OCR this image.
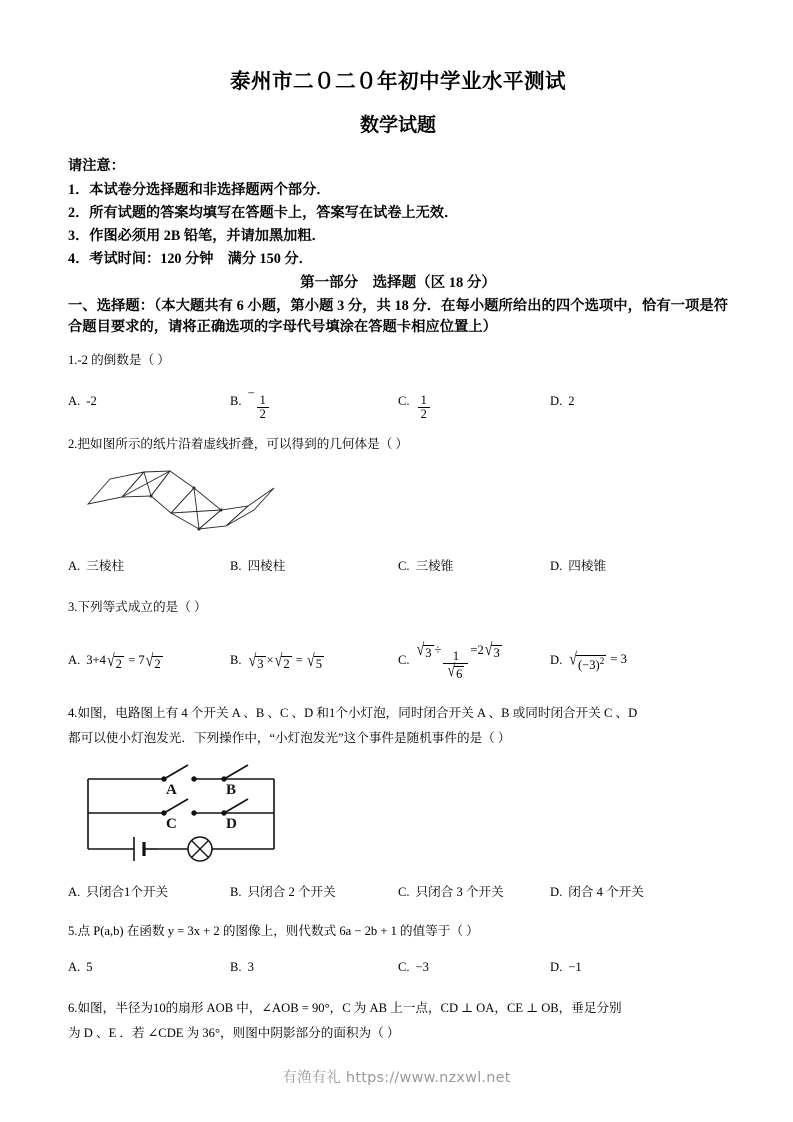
泰州市二０二０年初中学业水平测试
数学试题
请注意：
1．本试卷分选择题和非选择题两个部分．
2．所有试题的答案均填写在答题卡上，答案写在试卷上无效．
3．作图必须用 2B 铅笔，并请加黑加粗．
4．考试时间：120 分钟　满分 150 分．
第一部分　选择题（区 18 分）
一、选择题：（本大题共有 6 小题，第小题 3 分，共 18 分．在每小题所给出的四个选项中，恰有一项是符合题目要求的，请将正确选项的字母代号填涂在答题卡相应位置上）
1.-2 的倒数是（ ）
A. -2	B.
−
$\frac{1}{2}$	C. $\frac{1}{2}$	D. 2
2.把如图所示的纸片沿着虚线折叠，可以得到的几何体是（ ）
A. 三棱柱	B. 四棱柱	C. 三棱锥	D. 四棱锥
3.下列等式成立的是（ ）
A. 3+4 √ 2 = 7 √ 2	B. √ 3 × √ 2 = √ 5	C. √ 3 ÷
$\frac{1}{√ 6}$
=2 √ 3	D. √ $(-3)^2 = 3$
4.如图，电路图上有 4 个开关 A 、B 、C 、D 和1个小灯泡，同时闭合开关 A 、B 或同时闭合开关 C 、D
都可以使小灯泡发光．下列操作中，“小灯泡发光”这个事件是随机事件的是（ ）
A	B
C	D
A. 只闭合1个开关	B. 只闭合 2 个开关	C. 只闭合 3 个开关	D. 闭合 4 个开关
5.点 P(a,b) 在函数 y = 3x + 2 的图像上，则代数式 6a − 2b + 1 的值等于（ ）
A. 5	B. 3	C. −3	D. −1
6.如图，半径为10的扇形 AOB 中，∠AOB = 90°，C 为 AB 上一点，CD ⊥ OA，CE ⊥ OB，垂足分别
为 D 、E ．若 ∠CDE 为 36°，则图中阴影部分的面积为（ ）
有渔有礼 https://www.nzxwl.net
